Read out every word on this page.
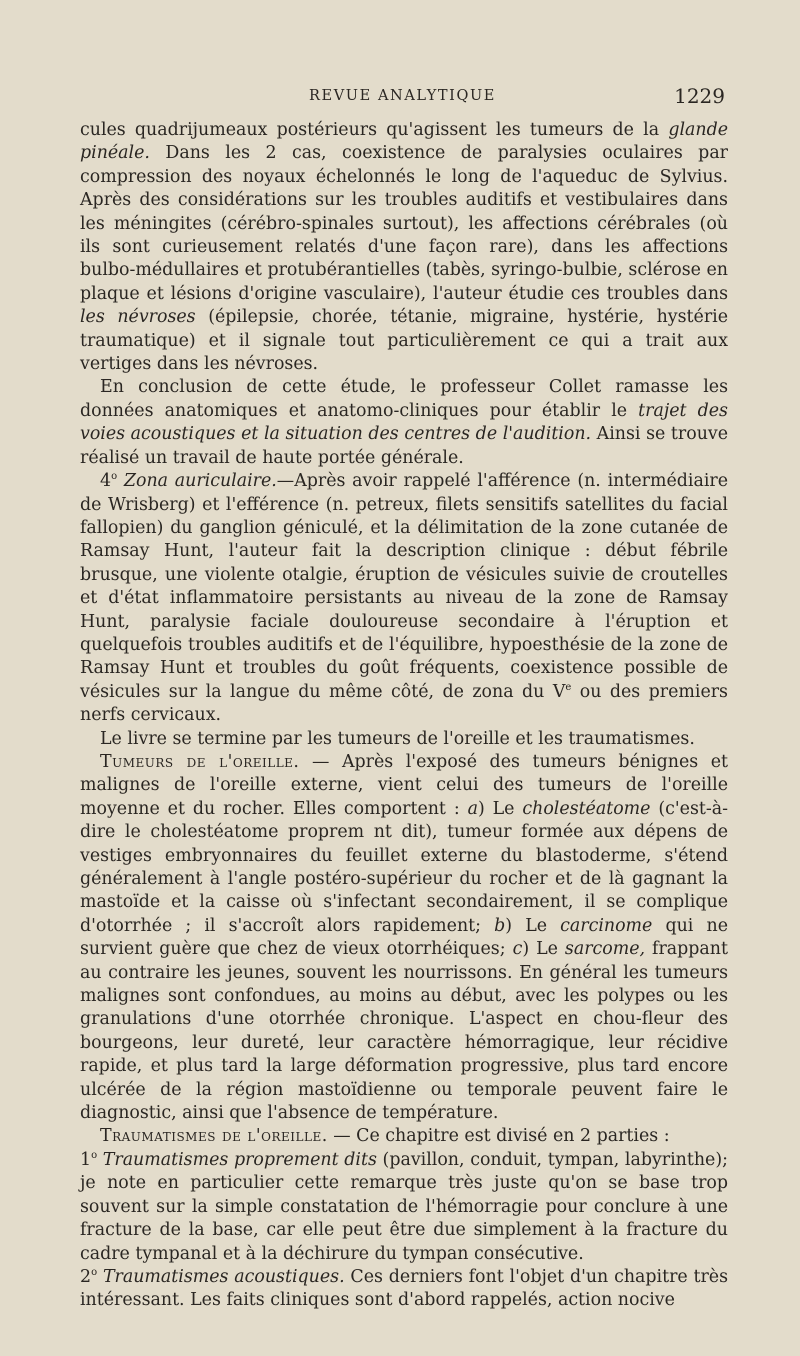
REVUE ANALYTIQUE	1229

cules quadrijumeaux postérieurs qu'agissent les tumeurs de la glande pinéale. Dans les 2 cas, coexistence de paralysies oculaires par compression des noyaux échelonnés le long de l'aqueduc de Sylvius. Après des considérations sur les troubles auditifs et vestibulaires dans les méningites (cérébro-spinales surtout), les affections cérébrales (où ils sont curieusement relatés d'une façon rare), dans les affections bulbo-médullaires et protubérantielles (tabès, syringo-bulbie, sclérose en plaque et lésions d'origine vasculaire), l'auteur étudie ces troubles dans les névroses (épilepsie, chorée, tétanie, migraine, hystérie, hystérie traumatique) et il signale tout particulièrement ce qui a trait aux vertiges dans les névroses.

En conclusion de cette étude, le professeur Collet ramasse les données anatomiques et anatomo-cliniques pour établir le trajet des voies acoustiques et la situation des centres de l'audition. Ainsi se trouve réalisé un travail de haute portée générale.

4$^o$ Zona auriculaire.—Après avoir rappelé l'afférence (n. intermédiaire de Wrisberg) et l'efférence (n. petreux, filets sensitifs satellites du facial fallopien) du ganglion géniculé, et la délimitation de la zone cutanée de Ramsay Hunt, l'auteur fait la description clinique : début fébrile brusque, une violente otalgie, éruption de vésicules suivie de croutelles et d'état inflammatoire persistants au niveau de la zone de Ramsay Hunt, paralysie faciale douloureuse secondaire à l'éruption et quelquefois troubles auditifs et de l'équilibre, hypoesthésie de la zone de Ramsay Hunt et troubles du goût fréquents, coexistence possible de vésicules sur la langue du même côté, de zona du Ve ou des premiers nerfs cervicaux.

Le livre se termine par les tumeurs de l'oreille et les traumatismes.

Tumeurs de l'oreille. — Après l'exposé des tumeurs bénignes et malignes de l'oreille externe, vient celui des tumeurs de l'oreille moyenne et du rocher. Elles comportent : a) Le cholestéatome (c'est-à-dire le cholestéatome proprem nt dit), tumeur formée aux dépens de vestiges embryonnaires du feuillet externe du blastoderme, s'étend généralement à l'angle postéro-supérieur du rocher et de là gagnant la mastoïde et la caisse où s'infectant secondairement, il se complique d'otorrhée ; il s'accroît alors rapidement; b) Le carcinome qui ne survient guère que chez de vieux otorrhéiques; c) Le sarcome, frappant au contraire les jeunes, souvent les nourrissons. En général les tumeurs malignes sont confondues, au moins au début, avec les polypes ou les granulations d'une otorrhée chronique. L'aspect en chou-fleur des bourgeons, leur dureté, leur caractère hémorragique, leur récidive rapide, et plus tard la large déformation progressive, plus tard encore ulcérée de la région mastoïdienne ou temporale peuvent faire le diagnostic, ainsi que l'absence de température.

Traumatismes de l'oreille. — Ce chapitre est divisé en 2 parties :

1$^o$ Traumatismes proprement dits (pavillon, conduit, tympan, labyrinthe); je note en particulier cette remarque très juste qu'on se base trop souvent sur la simple constatation de l'hémorragie pour conclure à une fracture de la base, car elle peut être due simplement à la fracture du cadre tympanal et à la déchirure du tympan consécutive.

2$^o$ Traumatismes acoustiques. Ces derniers font l'objet d'un chapitre très intéressant. Les faits cliniques sont d'abord rappelés, action nocive
